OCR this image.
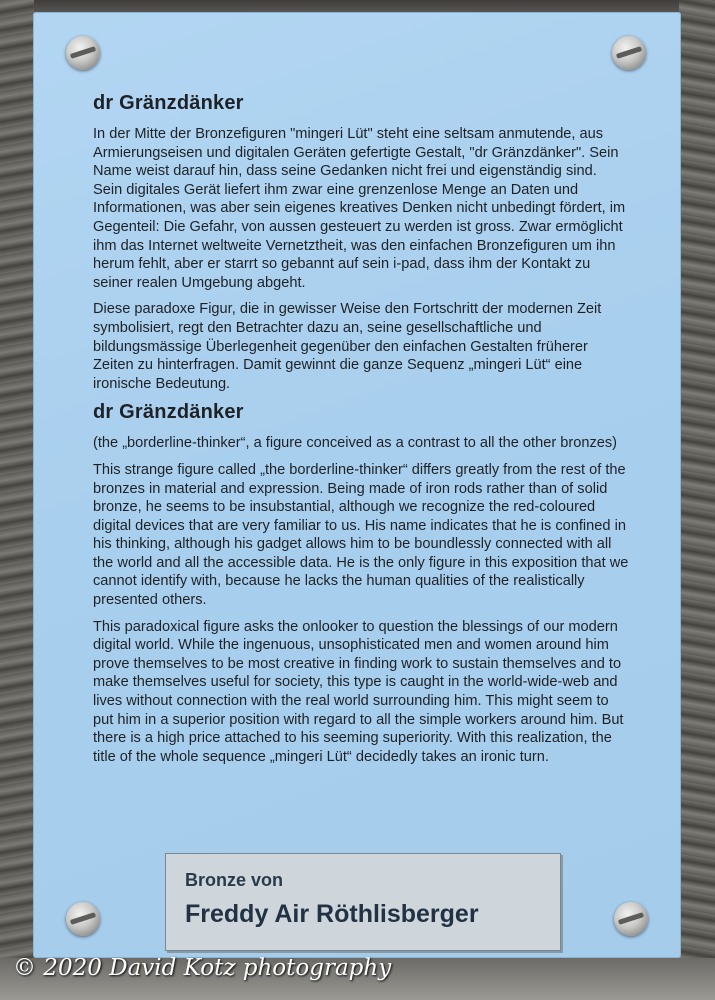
dr Gränzdänker

In der Mitte der Bronzefiguren "mingeri Lüt" steht eine seltsam anmutende, aus Armierungseisen und digitalen Geräten gefertigte Gestalt, "dr Gränzdänker". Sein Name weist darauf hin, dass seine Gedanken nicht frei und eigenständig sind. Sein digitales Gerät liefert ihm zwar eine grenzenlose Menge an Daten und Informationen, was aber sein eigenes kreatives Denken nicht unbedingt fördert, im Gegenteil: Die Gefahr, von aussen gesteuert zu werden ist gross. Zwar ermöglicht ihm das Internet weltweite Vernetztheit, was den einfachen Bronzefiguren um ihn herum fehlt, aber er starrt so gebannt auf sein i-pad, dass ihm der Kontakt zu seiner realen Umgebung abgeht.

Diese paradoxe Figur, die in gewisser Weise den Fortschritt der modernen Zeit symbolisiert, regt den Betrachter dazu an, seine gesellschaftliche und bildungsmässige Überlegenheit gegenüber den einfachen Gestalten früherer Zeiten zu hinterfragen. Damit gewinnt die ganze Sequenz „mingeri Lüt“ eine ironische Bedeutung.

dr Gränzdänker

(the „borderline-thinker“, a figure conceived as a contrast to all the other bronzes)

This strange figure called „the borderline-thinker“ differs greatly from the rest of the bronzes in material and expression. Being made of iron rods rather than of solid bronze, he seems to be insubstantial, although we recognize the red-coloured digital devices that are very familiar to us. His name indicates that he is confined in his thinking, although his gadget allows him to be boundlessly connected with all the world and all the accessible data. He is the only figure in this exposition that we cannot identify with, because he lacks the human qualities of the realistically presented others.

This paradoxical figure asks the onlooker to question the blessings of our modern digital world. While the ingenuous, unsophisticated men and women around him prove themselves to be most creative in finding work to sustain themselves and to make themselves useful for society, this type is caught in the world-wide-web and lives without connection with the real world surrounding him. This might seem to put him in a superior position with regard to all the simple workers around him. But there is a high price attached to his seeming superiority. With this realization, the title of the whole sequence „mingeri Lüt“ decidedly takes an ironic turn.

Bronze von
Freddy Air Röthlisberger
© 2020 David Kotz photography
